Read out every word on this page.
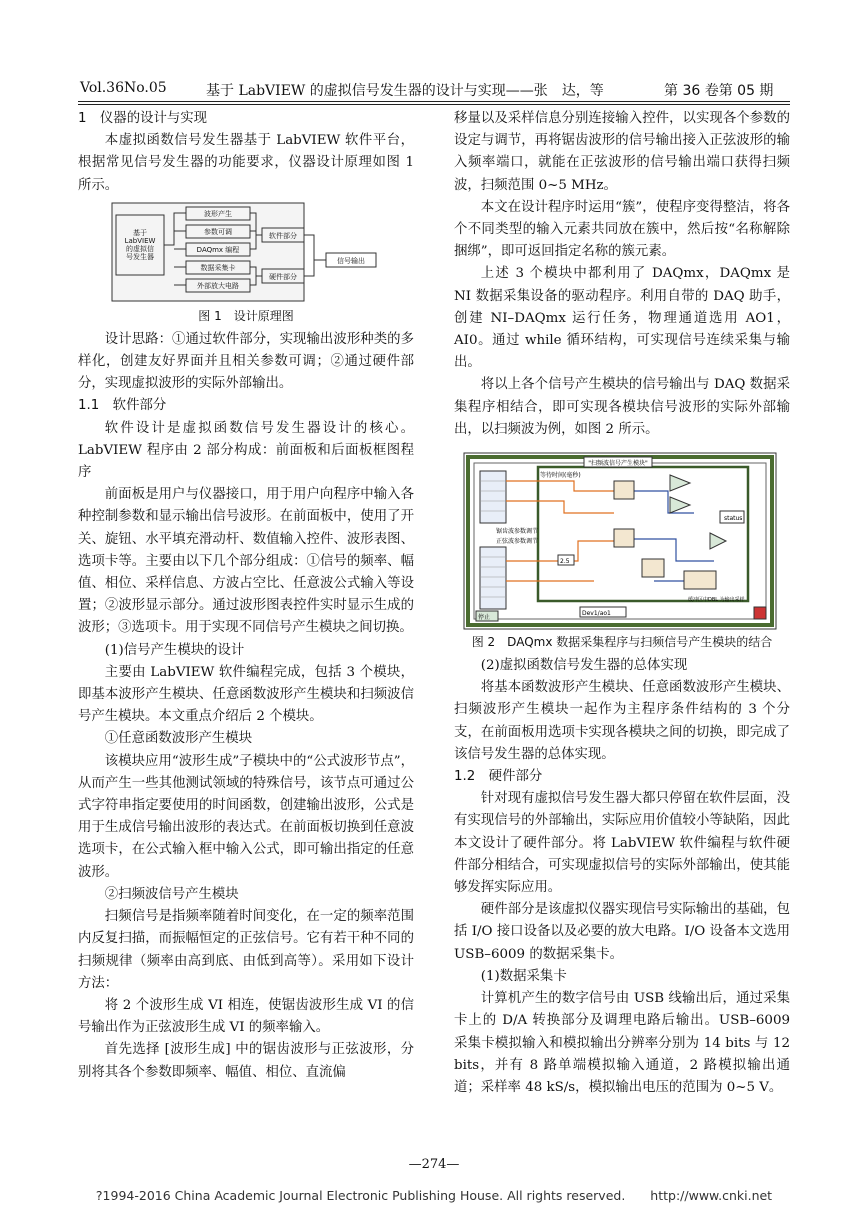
Vol.36No.05	基于 LabVIEW 的虚拟信号发生器的设计与实现——张　达，等	第 36 卷第 05 期
1　仪器的设计与实现

本虚拟函数信号发生器基于 LabVIEW 软件平台，根据常见信号发生器的功能要求，仪器设计原理如图 1 所示。

基于 LabVIEW 的虚拟信号发生器
波形产生
参数可调
DAQmx 编程
数据采集卡
外部放大电路
软件部分
硬件部分
信号输出
图 1　设计原理图

设计思路：①通过软件部分，实现输出波形种类的多样化，创建友好界面并且相关参数可调；②通过硬件部分，实现虚拟波形的实际外部输出。

1.1　软件部分

软件设计是虚拟函数信号发生器设计的核心。LabVIEW 程序由 2 部分构成：前面板和后面板框图程序

前面板是用户与仪器接口，用于用户向程序中输入各种控制参数和显示输出信号波形。在前面板中，使用了开关、旋钮、水平填充滑动杆、数值输入控件、波形表图、选项卡等。主要由以下几个部分组成：①信号的频率、幅值、相位、采样信息、方波占空比、任意波公式输入等设置；②波形显示部分。通过波形图表控件实时显示生成的波形；③选项卡。用于实现不同信号产生模块之间切换。

(1)信号产生模块的设计

主要由 LabVIEW 软件编程完成，包括 3 个模块，即基本波形产生模块、任意函数波形产生模块和扫频波信号产生模块。本文重点介绍后 2 个模块。

①任意函数波形产生模块

该模块应用“波形生成”子模块中的“公式波形节点”，从而产生一些其他测试领域的特殊信号，该节点可通过公式字符串指定要使用的时间函数，创建输出波形，公式是用于生成信号输出波形的表达式。在前面板切换到任意波选项卡，在公式输入框中输入公式，即可输出指定的任意波形。

②扫频波信号产生模块

扫频信号是指频率随着时间变化，在一定的频率范围内反复扫描，而振幅恒定的正弦信号。它有若干种不同的扫频规律（频率由高到底、由低到高等）。采用如下设计方法：

将 2 个波形生成 VI 相连，使锯齿波形生成 VI 的信号输出作为正弦波形生成 VI 的频率输入。

首先选择 [波形生成] 中的锯齿波形与正弦波形，分别将其各个参数即频率、幅值、相位、直流偏

移量以及采样信息分别连接输入控件，以实现各个参数的设定与调节，再将锯齿波形的信号输出接入正弦波形的输入频率端口，就能在正弦波形的信号输出端口获得扫频波，扫频范围 0~5 MHz。

本文在设计程序时运用“簇”，使程序变得整洁，将各个不同类型的输入元素共同放在簇中，然后按“名称解除捆绑”，即可返回指定名称的簇元素。

上述 3 个模块中都利用了 DAQmx，DAQmx 是 NI 数据采集设备的驱动程序。利用自带的 DAQ 助手，创建 NI–DAQmx 运行任务，物理通道选用 AO1，AI0。通过 while 循环结构，可实现信号连续采集与输出。

将以上各个信号产生模块的信号输出与 DAQ 数据采集程序相结合，即可实现各模块信号波形的实际外部输出，以扫频波为例，如图 2 所示。

"扫频波信号产生模块"
等待时间(毫秒)
锯齿波参数调节
正弦波参数调节
status
2.5
Dev1/ao1
缓冲区中DBL 为输出采样
停止
图 2　DAQmx 数据采集程序与扫频信号产生模块的结合

(2)虚拟函数信号发生器的总体实现

将基本函数波形产生模块、任意函数波形产生模块、扫频波形产生模块一起作为主程序条件结构的 3 个分支，在前面板用选项卡实现各模块之间的切换，即完成了该信号发生器的总体实现。

1.2　硬件部分

针对现有虚拟信号发生器大都只停留在软件层面，没有实现信号的外部输出，实际应用价值较小等缺陷，因此本文设计了硬件部分。将 LabVIEW 软件编程与软件硬件部分相结合，可实现虚拟信号的实际外部输出，使其能够发挥实际应用。

硬件部分是该虚拟仪器实现信号实际输出的基础，包括 I/O 接口设备以及必要的放大电路。I/O 设备本文选用 USB–6009 的数据采集卡。

(1)数据采集卡

计算机产生的数字信号由 USB 线输出后，通过采集卡上的 D/A 转换部分及调理电路后输出。USB–6009 采集卡模拟输入和模拟输出分辨率分别为 14 bits 与 12 bits，并有 8 路单端模拟输入通道，2 路模拟输出通道；采样率 48 kS/s，模拟输出电压的范围为 0~5 V。

—274—
?1994-2016 China Academic Journal Electronic Publishing House. All rights reserved.　　http://www.cnki.net
